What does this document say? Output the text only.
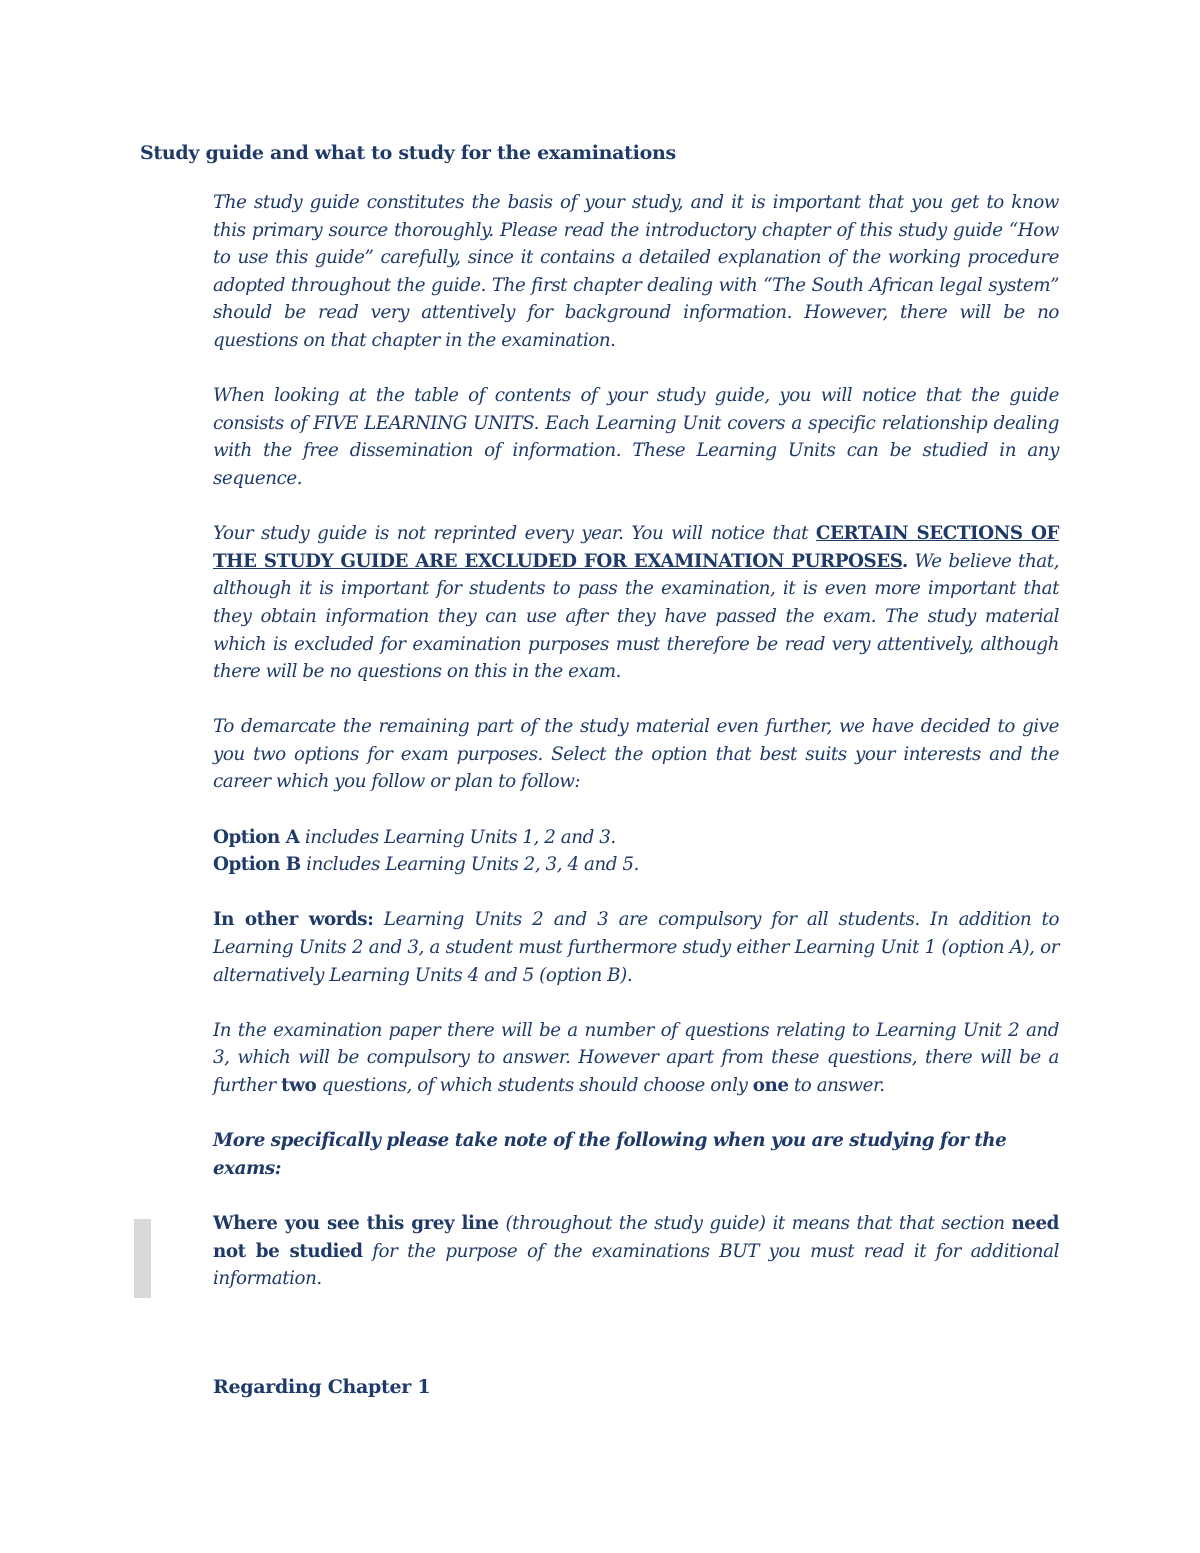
Study guide and what to study for the examinations

The study guide constitutes the basis of your study, and it is important that you get to know this primary source thoroughly. Please read the introductory chapter of this study guide “How to use this guide” carefully, since it contains a detailed explanation of the working procedure adopted throughout the guide. The first chapter dealing with “The South African legal system” should be read very attentively for background information. However, there will be no questions on that chapter in the examination.

When looking at the table of contents of your study guide, you will notice that the guide consists of FIVE LEARNING UNITS. Each Learning Unit covers a specific relationship dealing with the free dissemination of information. These Learning Units can be studied in any sequence.

Your study guide is not reprinted every year. You will notice that CERTAIN SECTIONS OF THE STUDY GUIDE ARE EXCLUDED FOR EXAMINATION PURPOSES. We believe that, although it is important for students to pass the examination, it is even more important that they obtain information they can use after they have passed the exam. The study material which is excluded for examination purposes must therefore be read very attentively, although there will be no questions on this in the exam.

To demarcate the remaining part of the study material even further, we have decided to give you two options for exam purposes. Select the option that best suits your interests and the career which you follow or plan to follow:

Option A includes Learning Units 1, 2 and 3.

Option B includes Learning Units 2, 3, 4 and 5.

In other words: Learning Units 2 and 3 are compulsory for all students. In addition to Learning Units 2 and 3, a student must furthermore study either Learning Unit 1 (option A), or alternatively Learning Units 4 and 5 (option B).

In the examination paper there will be a number of questions relating to Learning Unit 2 and 3, which will be compulsory to answer. However apart from these questions, there will be a further two questions, of which students should choose only one to answer.

More specifically please take note of the following when you are studying for the exams:

Where you see this grey line (throughout the study guide) it means that that section need not be studied for the purpose of the examinations BUT you must read it for additional information.

Regarding Chapter 1
